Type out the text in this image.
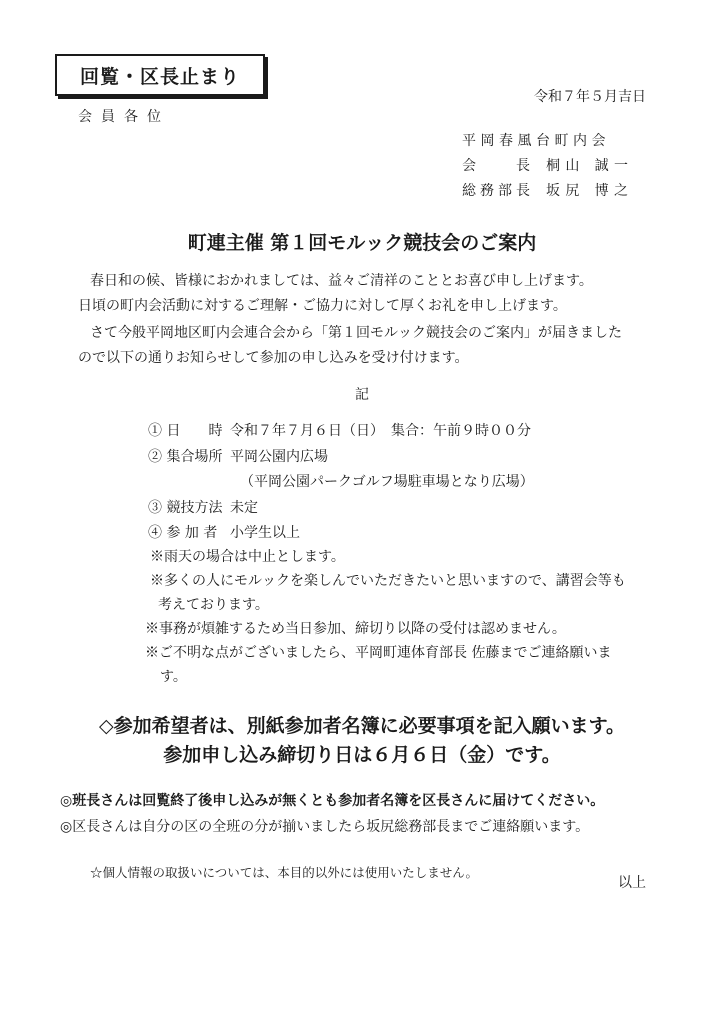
回覧・区長止まり
令和７年５月吉日
会員各位
平岡春風台町内会
会長 桐山 誠一
総務部長 坂尻 博之
町連主催 第１回モルック競技会のご案内
春日和の候、皆様におかれましては、益々ご清祥のこととお喜び申し上げます。
日頃の町内会活動に対するご理解・ご協力に対して厚くお礼を申し上げます。
さて今般平岡地区町内会連合会から「第１回モルック競技会のご案内」が届きました
ので以下の通りお知らせして参加の申し込みを受け付けます。
記
① 日　　時 令和７年７月６日（日）　集合：午前９時００分
② 集合場所 平岡公園内広場
（平岡公園パークゴルフ場駐車場となり広場）
③ 競技方法 未定
④ 参 加 者 小学生以上
※雨天の場合は中止とします。
※多くの人にモルックを楽しんでいただきたいと思いますので、講習会等も
考えております。
※事務が煩雑するため当日参加、締切り以降の受付は認めません。
※ご不明な点がございましたら、平岡町連体育部長 佐藤までご連絡願いま
す。
◇参加希望者は、別紙参加者名簿に必要事項を記入願います。
参加申し込み締切り日は６月６日（金）です。
◎班長さんは回覧終了後申し込みが無くとも参加者名簿を区長さんに届けてください。
◎区長さんは自分の区の全班の分が揃いましたら坂尻総務部長までご連絡願います。
☆個人情報の取扱いについては、本目的以外には使用いたしません。
以上
